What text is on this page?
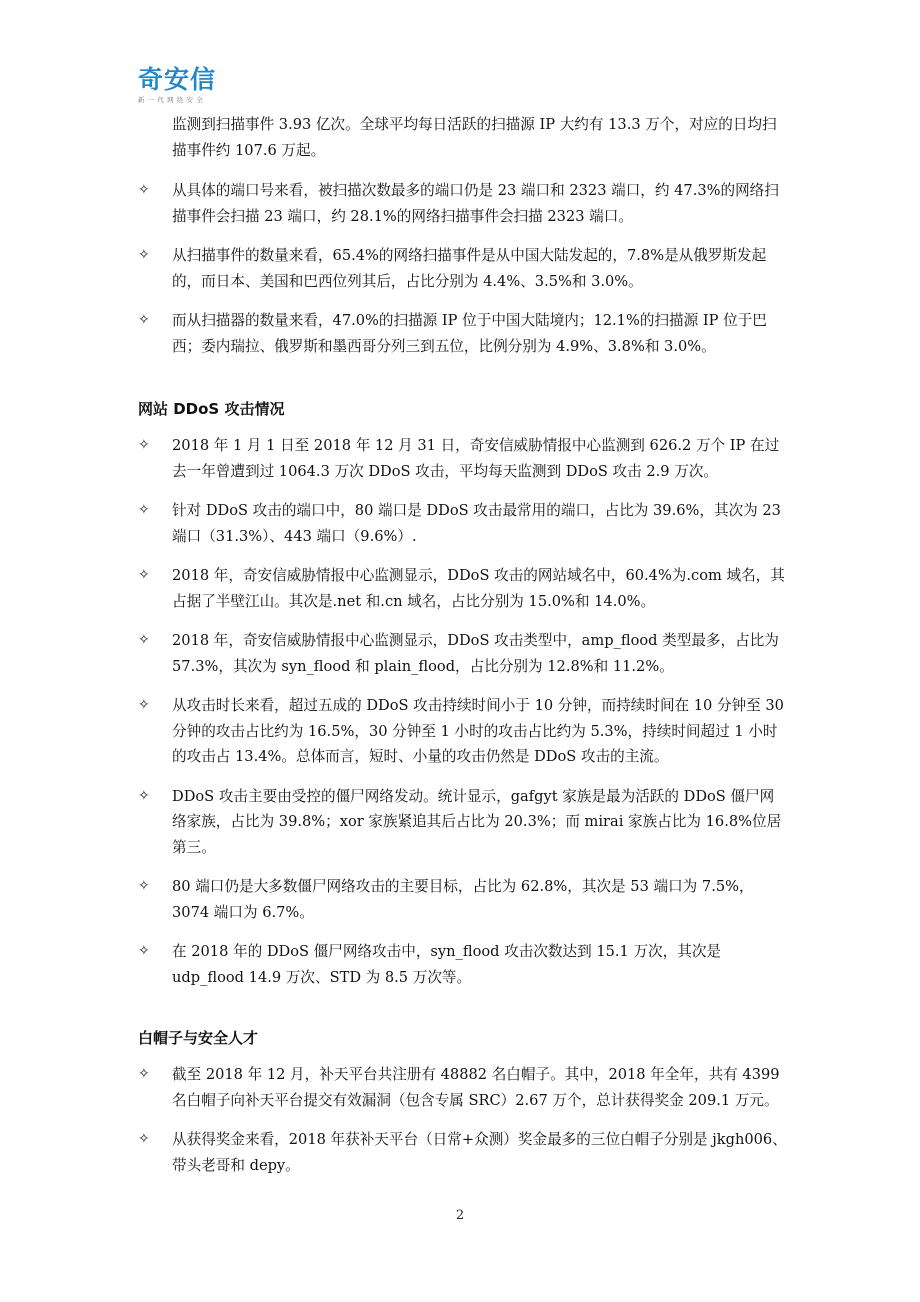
奇安信
新一代网络安全
监测到扫描事件 3.93 亿次。全球平均每日活跃的扫描源 IP 大约有 13.3 万个，对应的日均扫描事件约 107.6 万起。
✧ 从具体的端口号来看，被扫描次数最多的端口仍是 23 端口和 2323 端口，约 47.3%的网络扫描事件会扫描 23 端口，约 28.1%的网络扫描事件会扫描 2323 端口。
✧ 从扫描事件的数量来看，65.4%的网络扫描事件是从中国大陆发起的，7.8%是从俄罗斯发起的，而日本、美国和巴西位列其后，占比分别为 4.4%、3.5%和 3.0%。
✧ 而从扫描器的数量来看，47.0%的扫描源 IP 位于中国大陆境内；12.1%的扫描源 IP 位于巴西；委内瑞拉、俄罗斯和墨西哥分列三到五位，比例分别为 4.9%、3.8%和 3.0%。
网站 DDoS 攻击情况
✧ 2018 年 1 月 1 日至 2018 年 12 月 31 日，奇安信威胁情报中心监测到 626.2 万个 IP 在过去一年曾遭到过 1064.3 万次 DDoS 攻击，平均每天监测到 DDoS 攻击 2.9 万次。
✧ 针对 DDoS 攻击的端口中，80 端口是 DDoS 攻击最常用的端口，占比为 39.6%，其次为 23 端口（31.3%）、443 端口（9.6%）.
✧ 2018 年，奇安信威胁情报中心监测显示，DDoS 攻击的网站域名中，60.4%为.com 域名，其占据了半壁江山。其次是.net 和.cn 域名，占比分别为 15.0%和 14.0%。
✧ 2018 年，奇安信威胁情报中心监测显示，DDoS 攻击类型中，amp_flood 类型最多，占比为 57.3%，其次为 syn_flood 和 plain_flood，占比分别为 12.8%和 11.2%。
✧ 从攻击时长来看，超过五成的 DDoS 攻击持续时间小于 10 分钟，而持续时间在 10 分钟至 30 分钟的攻击占比约为 16.5%，30 分钟至 1 小时的攻击占比约为 5.3%，持续时间超过 1 小时的攻击占 13.4%。总体而言，短时、小量的攻击仍然是 DDoS 攻击的主流。
✧ DDoS 攻击主要由受控的僵尸网络发动。统计显示，gafgyt 家族是最为活跃的 DDoS 僵尸网络家族，占比为 39.8%；xor 家族紧追其后占比为 20.3%；而 mirai 家族占比为 16.8%位居第三。
✧ 80 端口仍是大多数僵尸网络攻击的主要目标，占比为 62.8%，其次是 53 端口为 7.5%，3074 端口为 6.7%。
✧ 在 2018 年的 DDoS 僵尸网络攻击中，syn_flood 攻击次数达到 15.1 万次，其次是 udp_flood 14.9 万次、STD 为 8.5 万次等。
白帽子与安全人才
✧ 截至 2018 年 12 月，补天平台共注册有 48882 名白帽子。其中，2018 年全年，共有 4399 名白帽子向补天平台提交有效漏洞（包含专属 SRC）2.67 万个，总计获得奖金 209.1 万元。
✧ 从获得奖金来看，2018 年获补天平台（日常+众测）奖金最多的三位白帽子分别是 jkgh006、带头老哥和 depy。
2
